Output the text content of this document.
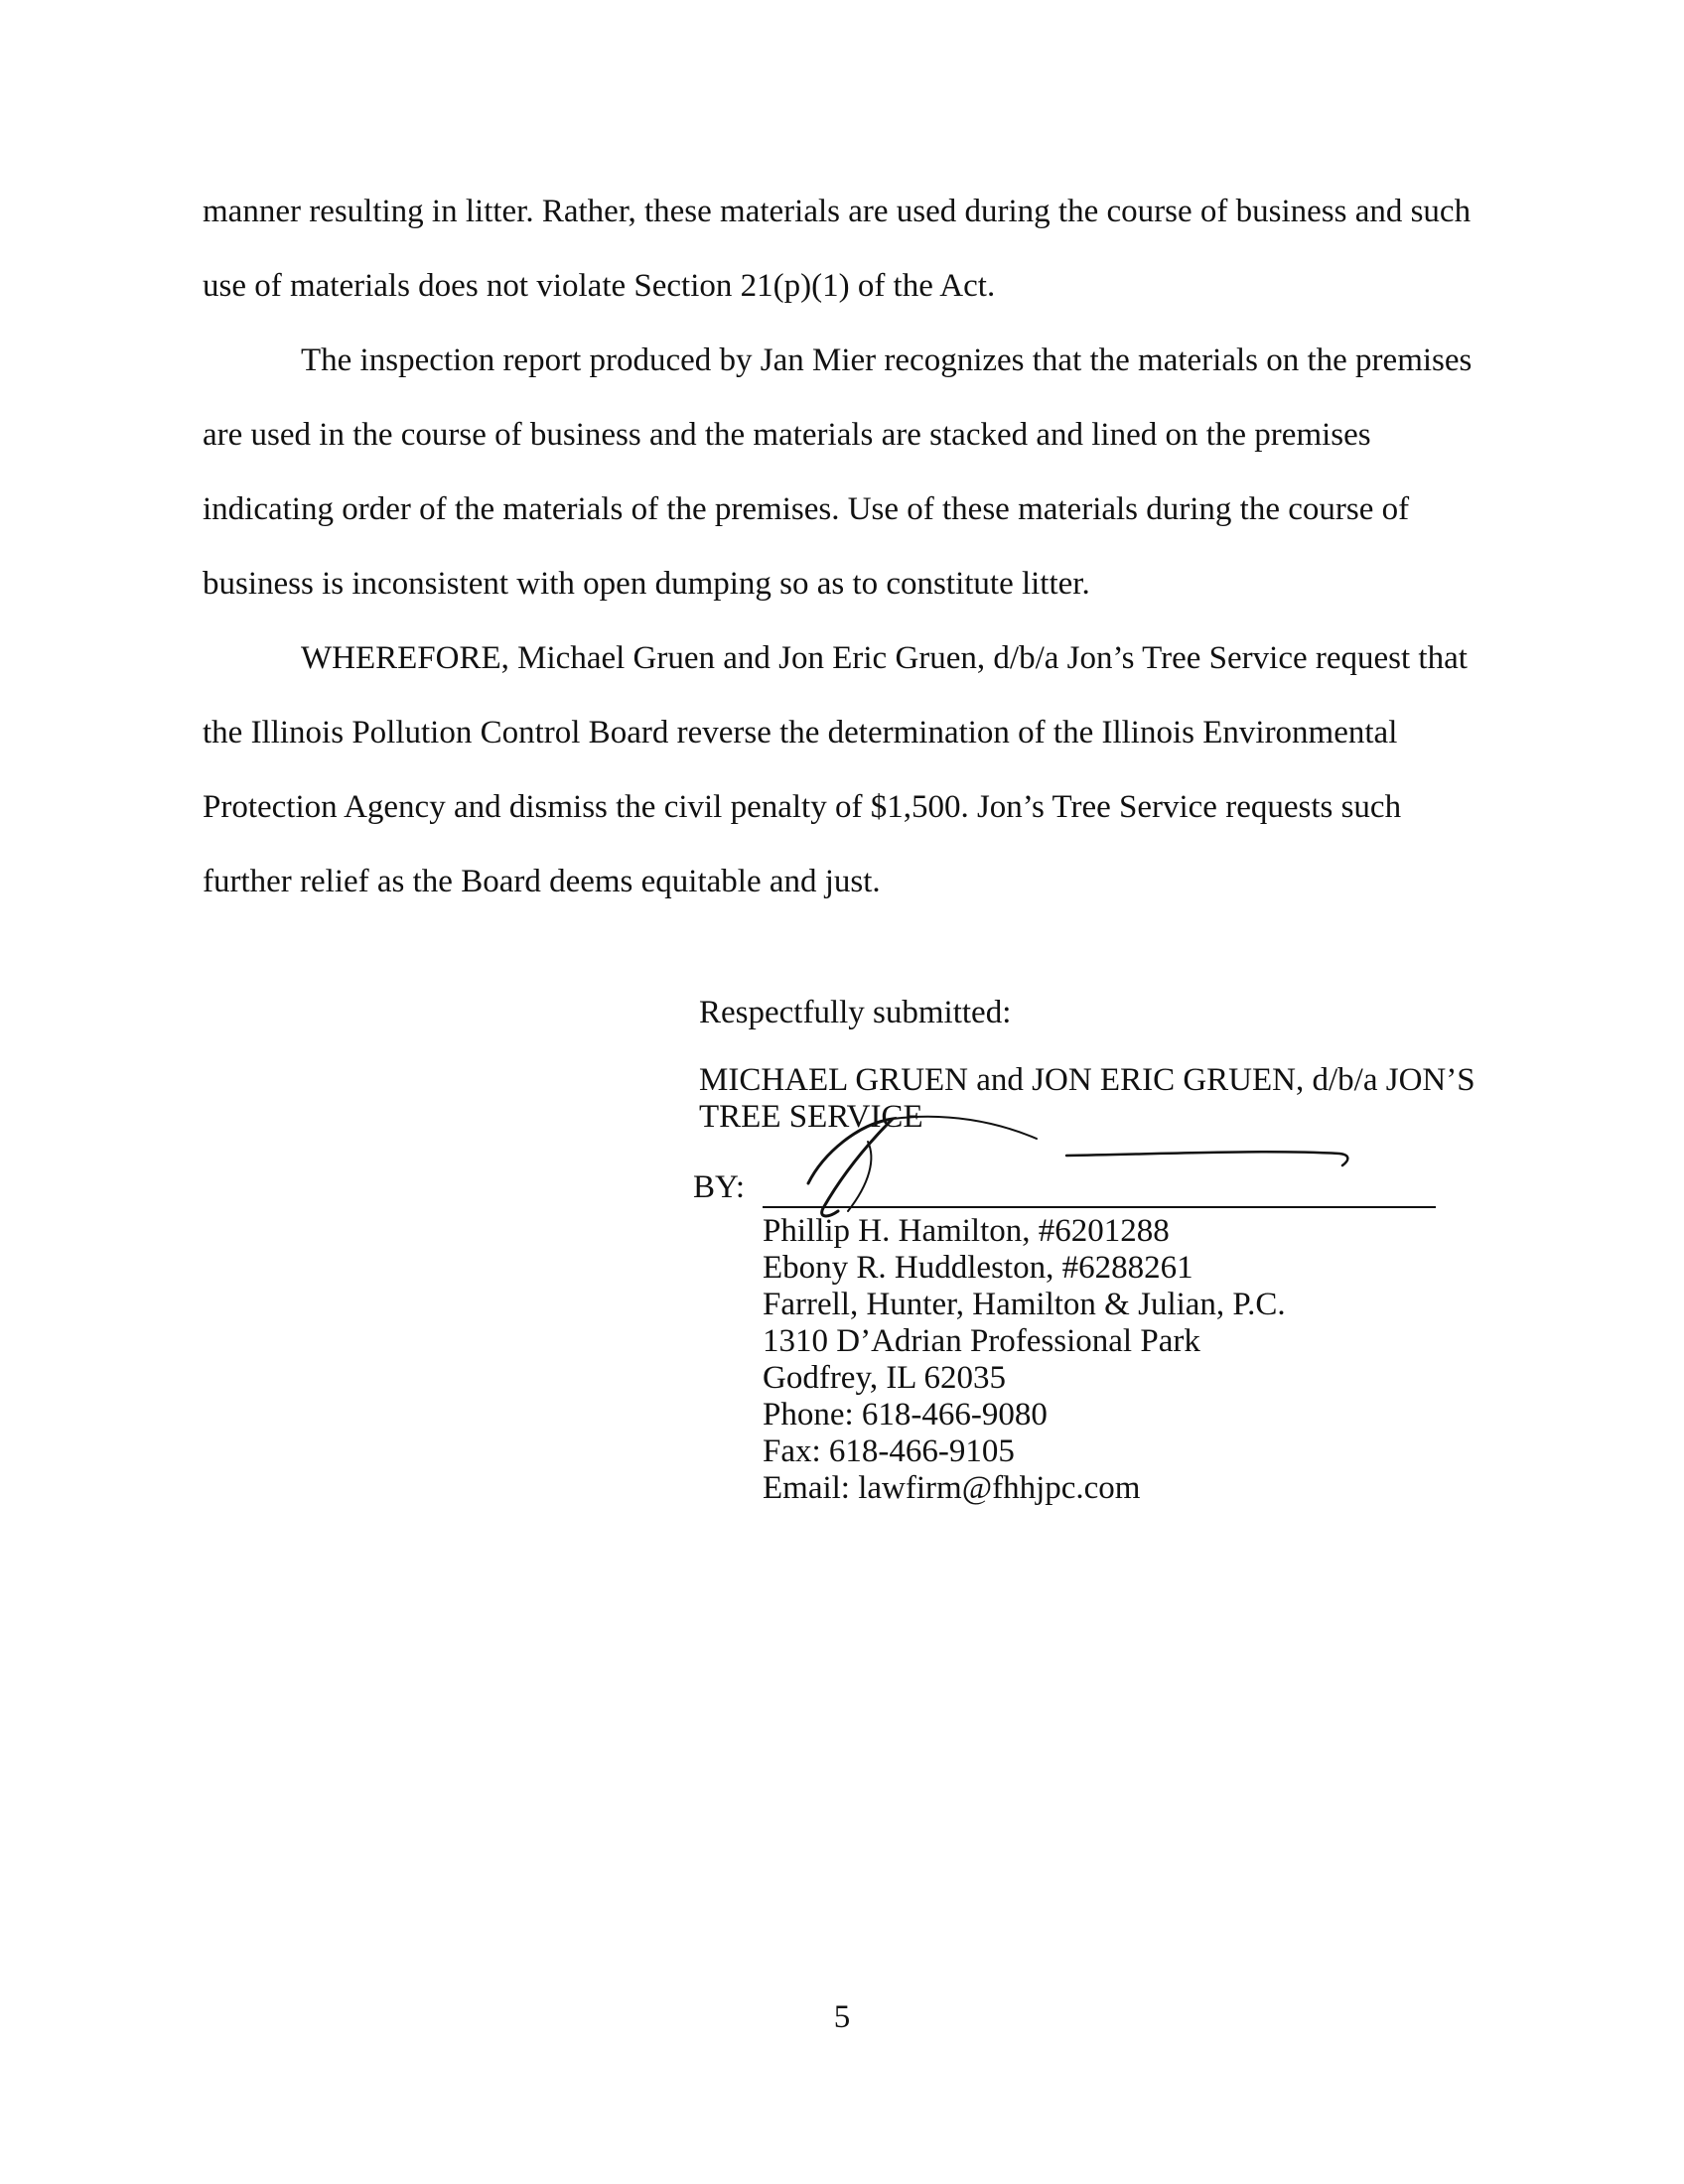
manner resulting in litter. Rather, these materials are used during the course of business and such use of materials does not violate Section 21(p)(1) of the Act.

The inspection report produced by Jan Mier recognizes that the materials on the premises are used in the course of business and the materials are stacked and lined on the premises indicating order of the materials of the premises. Use of these materials during the course of business is inconsistent with open dumping so as to constitute litter.

WHEREFORE, Michael Gruen and Jon Eric Gruen, d/b/a Jon’s Tree Service request that the Illinois Pollution Control Board reverse the determination of the Illinois Environmental Protection Agency and dismiss the civil penalty of $1,500. Jon’s Tree Service requests such further relief as the Board deems equitable and just.

Respectfully submitted:

MICHAEL GRUEN and JON ERIC GRUEN, d/b/a JON’S TREE SERVICE

BY:
Phillip H. Hamilton, #6201288
Ebony R. Huddleston, #6288261
Farrell, Hunter, Hamilton & Julian, P.C.
1310 D’Adrian Professional Park
Godfrey, IL 62035
Phone: 618-466-9080
Fax: 618-466-9105
Email: lawfirm@fhhjpc.com
5
